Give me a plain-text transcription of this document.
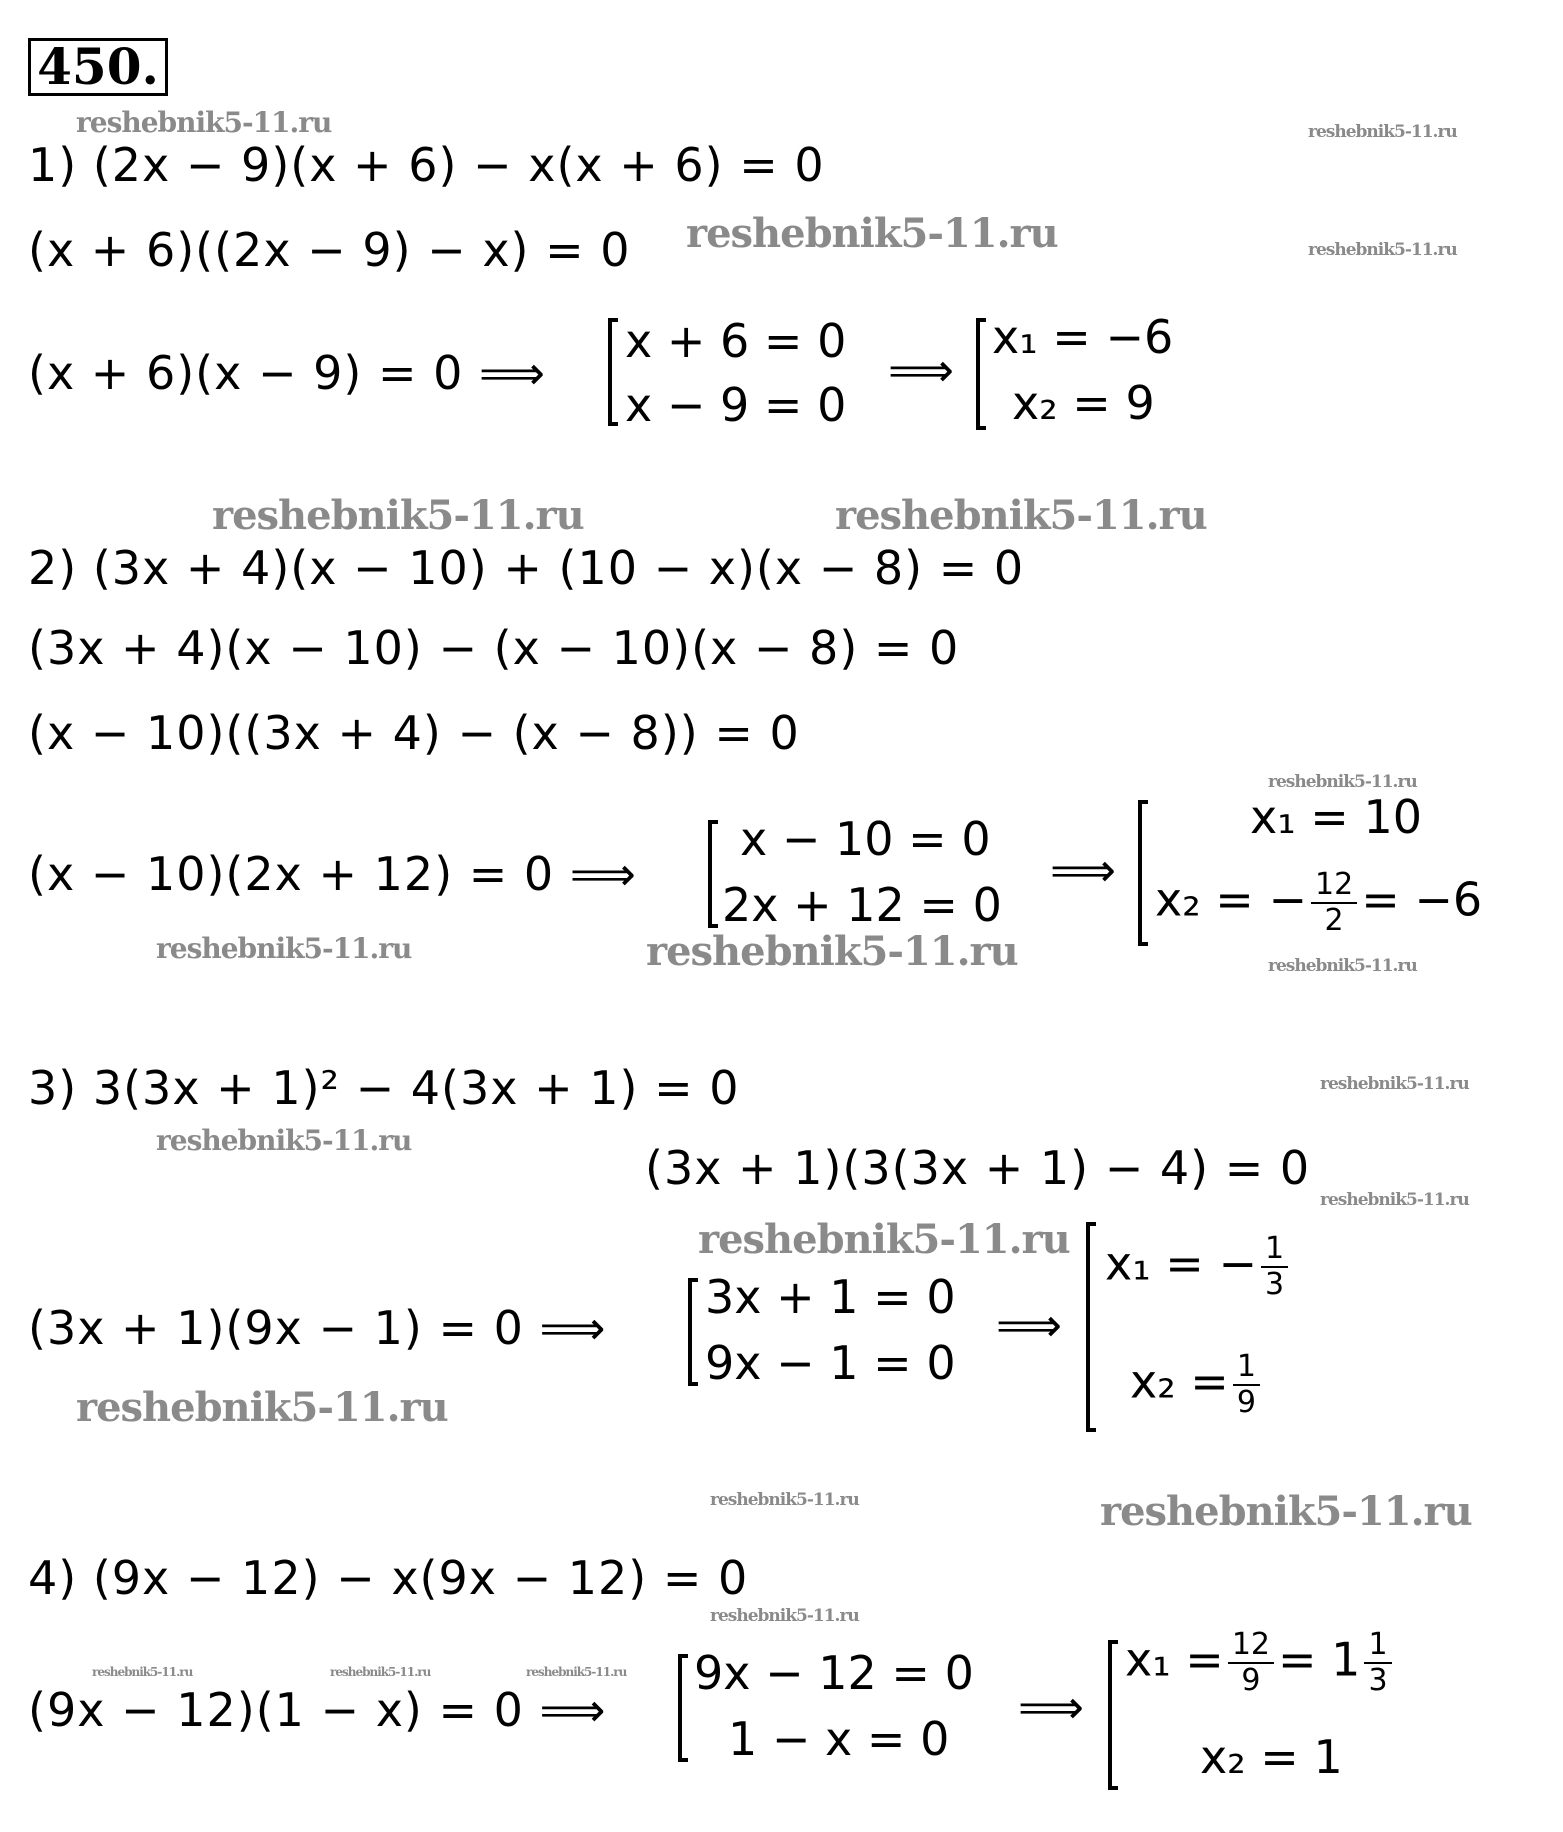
450.
1) (2x − 9)(x + 6) − x(x + 6) = 0
(x + 6)((2x − 9) − x) = 0
(x + 6)(x − 9) = 0 ⟹
x + 6 = 0
x − 9 = 0
⟹
x₁ = −6
x₂ = 9
2) (3x + 4)(x − 10) + (10 − x)(x − 8) = 0
(3x + 4)(x − 10) − (x − 10)(x − 8) = 0
(x − 10)((3x + 4) − (x − 8)) = 0
(x − 10)(2x + 12) = 0 ⟹
x − 10 = 0
2x + 12 = 0
⟹
x₁ = 10
x₂ = − $\frac{12}{2} = -6$
3) 3(3x + 1)² − 4(3x + 1) = 0
(3x + 1)(3(3x + 1) − 4) = 0
(3x + 1)(9x − 1) = 0 ⟹
3x + 1 = 0
9x − 1 = 0
⟹
x₁ = − $\frac{1}{3}$
$x_2 = \frac{1}{9}$
4) (9x − 12) − x(9x − 12) = 0
(9x − 12)(1 − x) = 0 ⟹
9x − 12 = 0
1 − x = 0
⟹
$x_1 = \frac{12}{9} = 1 \frac{1}{3}$
x₂ = 1
reshebnik5-11.ru	reshebnik5-11.ru
reshebnik5-11.ru	reshebnik5-11.ru
reshebnik5-11.ru	reshebnik5-11.ru
reshebnik5-11.ru
reshebnik5-11.ru	reshebnik5-11.ru	reshebnik5-11.ru
reshebnik5-11.ru
reshebnik5-11.ru
reshebnik5-11.ru
reshebnik5-11.ru
reshebnik5-11.ru
reshebnik5-11.ru	reshebnik5-11.ru
reshebnik5-11.ru
reshebnik5-11.ru	reshebnik5-11.ru	reshebnik5-11.ru
